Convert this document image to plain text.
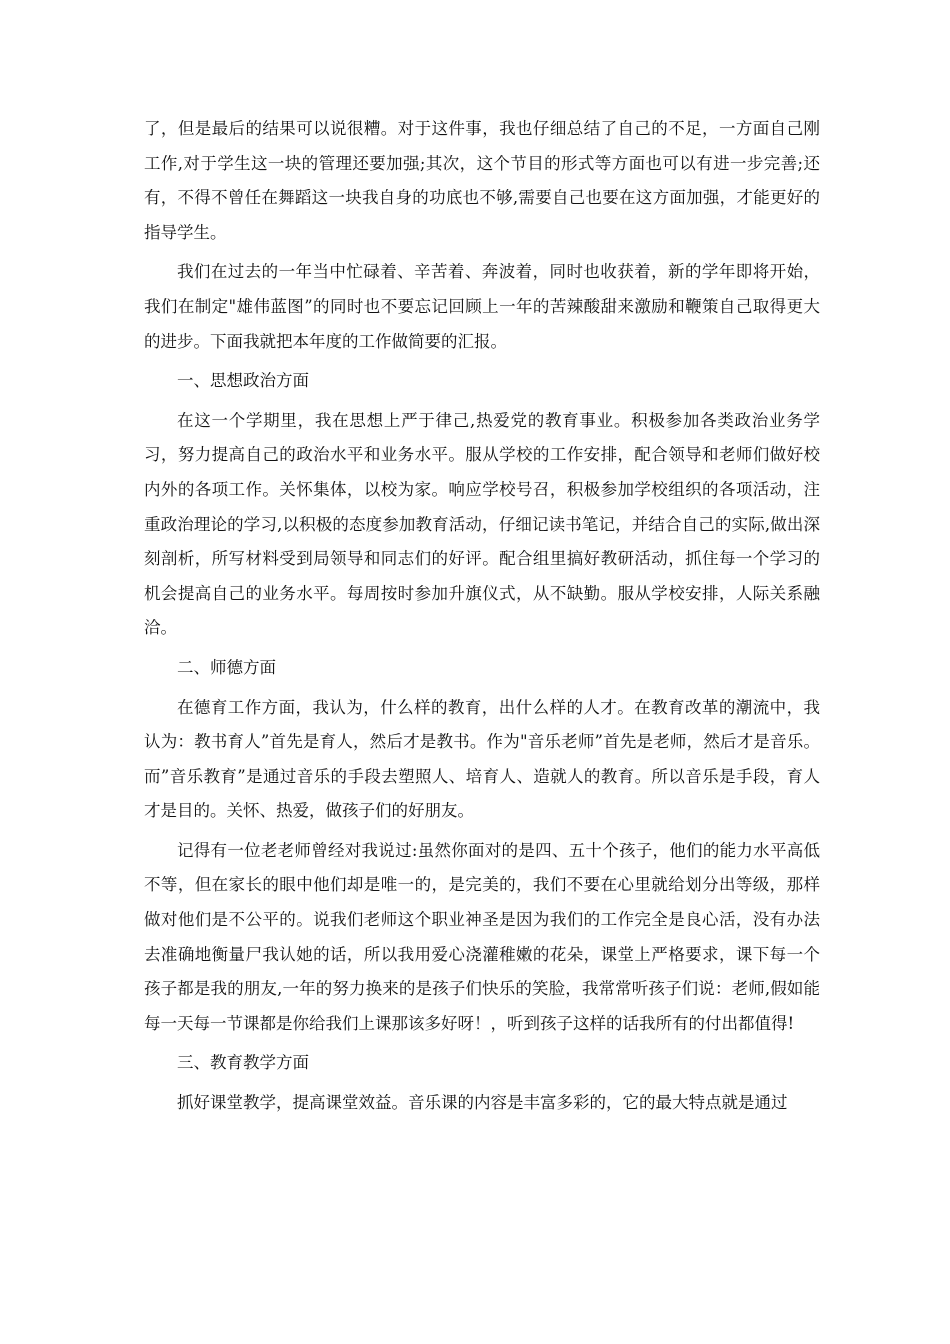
了，但是最后的结果可以说很糟。对于这件事，我也仔细总结了自己的不足，一方面自己刚工作,对于学生这一块的管理还要加强;其次，这个节目的形式等方面也可以有进一步完善;还有，不得不曾任在舞蹈这一块我自身的功底也不够,需要自己也要在这方面加强，才能更好的指导学生。

我们在过去的一年当中忙碌着、辛苦着、奔波着，同时也收获着，新的学年即将开始，我们在制定"雄伟蓝图”的同时也不要忘记回顾上一年的苦辣酸甜来激励和鞭策自己取得更大的进步。下面我就把本年度的工作做简要的汇报。

一、思想政治方面

在这一个学期里，我在思想上严于律己,热爱党的教育事业。积极参加各类政治业务学习，努力提高自己的政治水平和业务水平。服从学校的工作安排，配合领导和老师们做好校内外的各项工作。关怀集体，以校为家。响应学校号召，积极参加学校组织的各项活动，注重政治理论的学习,以积极的态度参加教育活动，仔细记读书笔记，并结合自己的实际,做出深刻剖析，所写材料受到局领导和同志们的好评。配合组里搞好教研活动，抓住每一个学习的机会提高自己的业务水平。每周按时参加升旗仪式，从不缺勤。服从学校安排，人际关系融洽。

二、师德方面

在德育工作方面，我认为，什么样的教育，出什么样的人才。在教育改革的潮流中，我认为：教书育人”首先是育人，然后才是教书。作为"音乐老师”首先是老师，然后才是音乐。而”音乐教育”是通过音乐的手段去塑照人、培育人、造就人的教育。所以音乐是手段，育人才是目的。关怀、热爱，做孩子们的好朋友。

记得有一位老老师曾经对我说过:虽然你面对的是四、五十个孩子，他们的能力水平高低不等，但在家长的眼中他们却是唯一的，是完美的，我们不要在心里就给划分出等级，那样做对他们是不公平的。说我们老师这个职业神圣是因为我们的工作完全是良心活，没有办法去准确地衡量尸我认她的话，所以我用爱心浇灌稚嫩的花朵，课堂上严格要求，课下每一个孩子都是我的朋友,一年的努力换来的是孩子们快乐的笑脸，我常常听孩子们说：老师,假如能每一天每一节课都是你给我们上课那该多好呀！，听到孩子这样的话我所有的付出都值得!

三、教育教学方面

抓好课堂教学，提高课堂效益。音乐课的内容是丰富多彩的，它的最大特点就是通过
